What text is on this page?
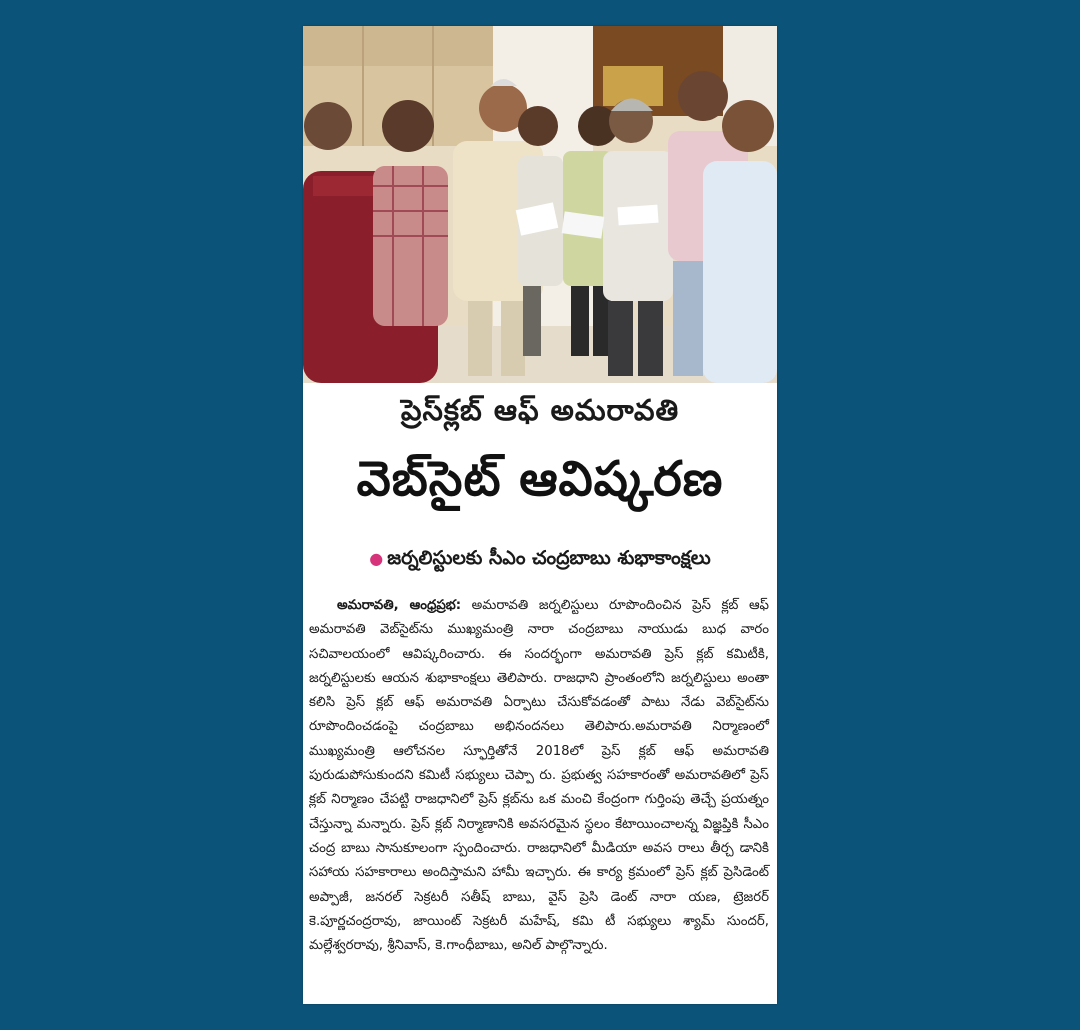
ప్రెస్‌క్లబ్ ఆఫ్ అమరావతి
వెబ్‌సైట్ ఆవిష్కరణ
● జర్నలిస్టులకు సీఎం చంద్రబాబు శుభాకాంక్షలు
అమరావతి, ఆంధ్రప్రభ: అమరావతి జర్నలిస్టులు రూపొందించిన ప్రెస్ క్లబ్ ఆఫ్ అమరావతి వెబ్‌సైట్‌ను ముఖ్యమంత్రి నారా చంద్రబాబు నాయుడు బుధ వారం సచివాలయంలో ఆవిష్కరించారు. ఈ సందర్భంగా అమరావతి ప్రెస్ క్లబ్ కమిటీకి, జర్నలిస్టులకు ఆయన శుభాకాంక్షలు తెలిపారు. రాజధాని ప్రాంతంలోని జర్నలిస్టులు అంతా కలిసి ప్రెస్ క్లబ్ ఆఫ్ అమరావతి ఏర్పాటు చేసుకోవడంతో పాటు నేడు వెబ్‌సైట్‌ను రూపొందించడంపై చంద్రబాబు అభినందనలు తెలిపారు.అమరావతి నిర్మాణంలో ముఖ్యమంత్రి ఆలోచనల స్ఫూర్తితోనే 2018లో ప్రెస్ క్లబ్ ఆఫ్ అమరావతి పురుడుపోసుకుందని కమిటీ సభ్యులు చెప్పా రు. ప్రభుత్వ సహకారంతో అమరావతిలో ప్రెస్ క్లబ్ నిర్మాణం చేపట్టి రాజధానిలో ప్రెస్ క్లబ్‌ను ఒక మంచి కేంద్రంగా గుర్తింపు తెచ్చే ప్రయత్నం చేస్తున్నా మన్నారు. ప్రెస్ క్లబ్ నిర్మాణానికి అవసరమైన స్థలం కేటాయించాలన్న విజ్ఞప్తికి సీఎం చంద్ర బాబు సానుకూలంగా స్పందించారు. రాజధానిలో మీడియా అవస రాలు తీర్చ డానికి సహాయ సహకారాలు అందిస్తామని హామీ ఇచ్చారు. ఈ కార్య క్రమంలో ప్రెస్ క్లబ్ ప్రెసిడెంట్ అప్పాజీ, జనరల్ సెక్రటరీ సతీష్ బాబు, వైస్ ప్రెసి డెంట్ నారా యణ, ట్రెజరర్ కె.పూర్ణచంద్రరావు, జాయింట్ సెక్రటరీ మహేష్, కమి టీ సభ్యులు శ్యామ్ సుందర్, మల్లేశ్వరరావు, శ్రీనివాస్, కె.గాంధీబాబు, అనిల్ పాల్గొన్నారు.
